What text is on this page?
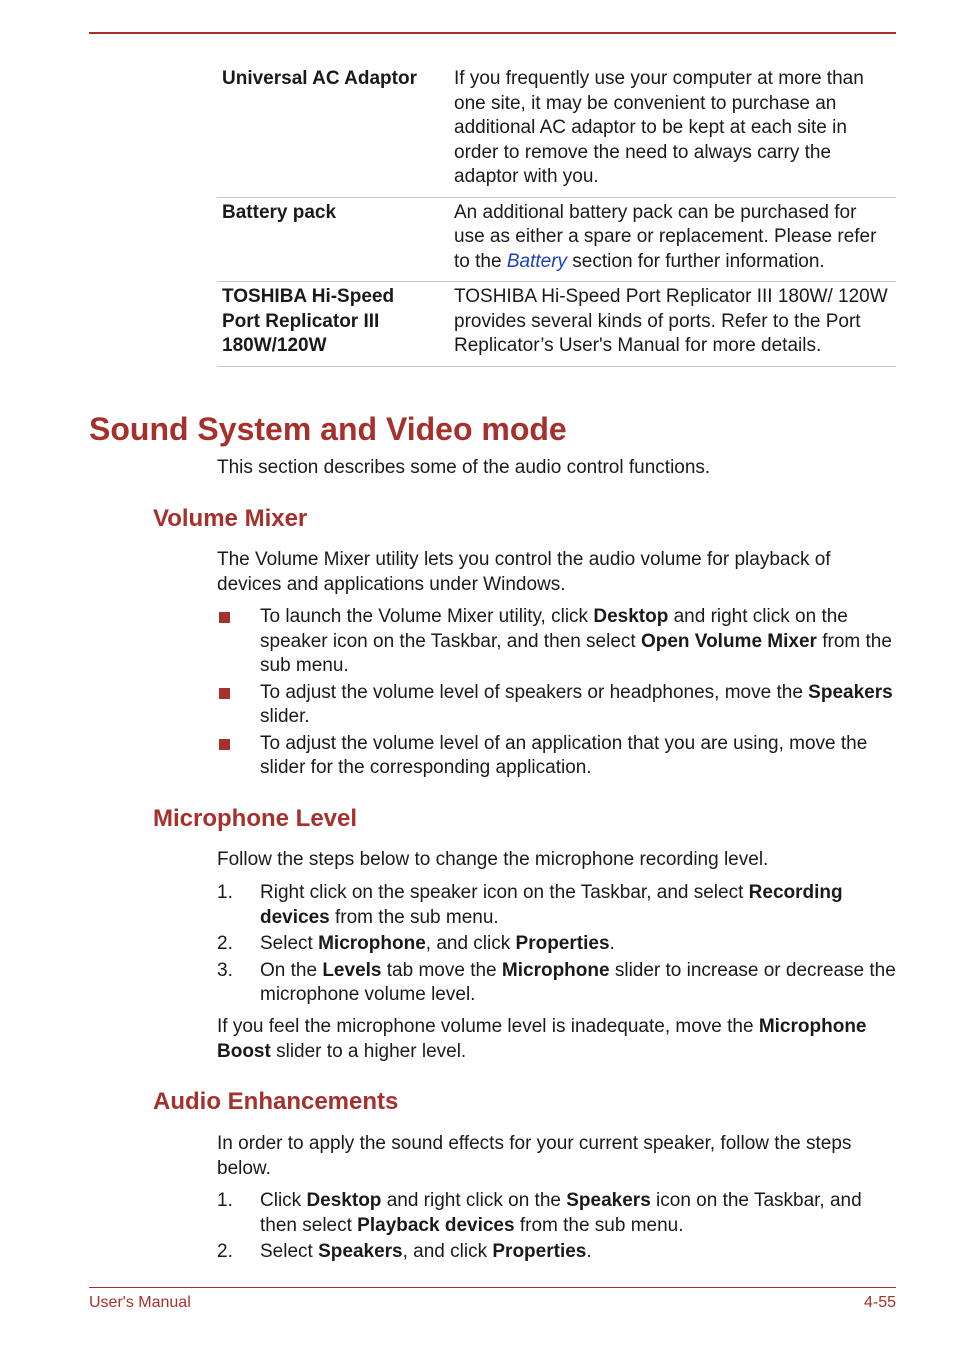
Universal AC Adaptor	If you frequently use your computer at more than one site, it may be convenient to purchase an additional AC adaptor to be kept at each site in order to remove the need to always carry the adaptor with you.
Battery pack	An additional battery pack can be purchased for use as either a spare or replacement. Please refer to the Battery section for further information.
TOSHIBA Hi-Speed Port Replicator III 180W/120W	TOSHIBA Hi-Speed Port Replicator III 180W/ 120W provides several kinds of ports. Refer to the Port Replicator’s User's Manual for more details.
Sound System and Video mode

This section describes some of the audio control functions.

Volume Mixer

The Volume Mixer utility lets you control the audio volume for playback of devices and applications under Windows.

To launch the Volume Mixer utility, click Desktop and right click on the speaker icon on the Taskbar, and then select Open Volume Mixer from the sub menu.
To adjust the volume level of speakers or headphones, move the Speakers slider.
To adjust the volume level of an application that you are using, move the slider for the corresponding application.
Microphone Level

Follow the steps below to change the microphone recording level.

1. Right click on the speaker icon on the Taskbar, and select Recording devices from the sub menu.
2. Select Microphone, and click Properties.
3. On the Levels tab move the Microphone slider to increase or decrease the microphone volume level.

If you feel the microphone volume level is inadequate, move the Microphone Boost slider to a higher level.

Audio Enhancements

In order to apply the sound effects for your current speaker, follow the steps below.

1. Click Desktop and right click on the Speakers icon on the Taskbar, and then select Playback devices from the sub menu.
2. Select Speakers, and click Properties.
User's Manual	4-55
